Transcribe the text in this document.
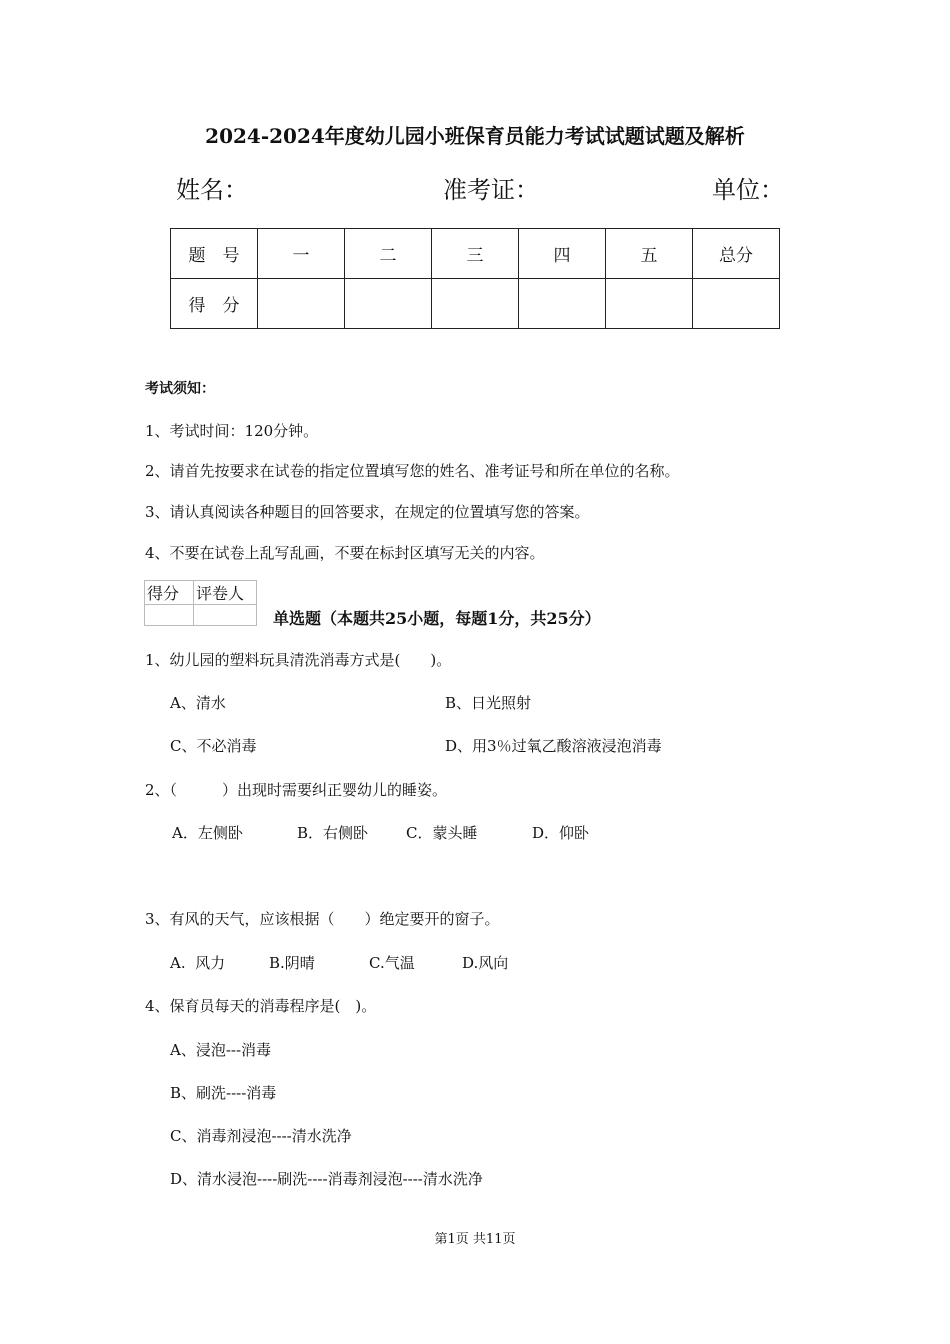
2024-2024年度幼儿园小班保育员能力考试试题试题及解析
姓名：	准考证：	单位：
题　号	一	二	三	四	五	总分
得　分						
考试须知：
1、考试时间：120分钟。
2、请首先按要求在试卷的指定位置填写您的姓名、准考证号和所在单位的名称。
3、请认真阅读各种题目的回答要求，在规定的位置填写您的答案。
4、不要在试卷上乱写乱画，不要在标封区填写无关的内容。
得分	评卷人

单选题（本题共25小题，每题1分，共25分）
1、幼儿园的塑料玩具清洗消毒方式是(　　)。
A、清水	B、日光照射
C、不必消毒	D、用3％过氧乙酸溶液浸泡消毒
2、（　　　）出现时需要纠正婴幼儿的睡姿。
A．左侧卧	B．右侧卧	C．蒙头睡	D．仰卧
3、有风的天气，应该根据（　　）绝定要开的窗子。
A.  风力	B.阴晴	C.气温	D.风向
4、保育员每天的消毒程序是(　)。
A、浸泡---消毒
B、刷洗----消毒
C、消毒剂浸泡----清水洗净
D、清水浸泡----刷洗----消毒剂浸泡----清水洗净
第1页 共11页
